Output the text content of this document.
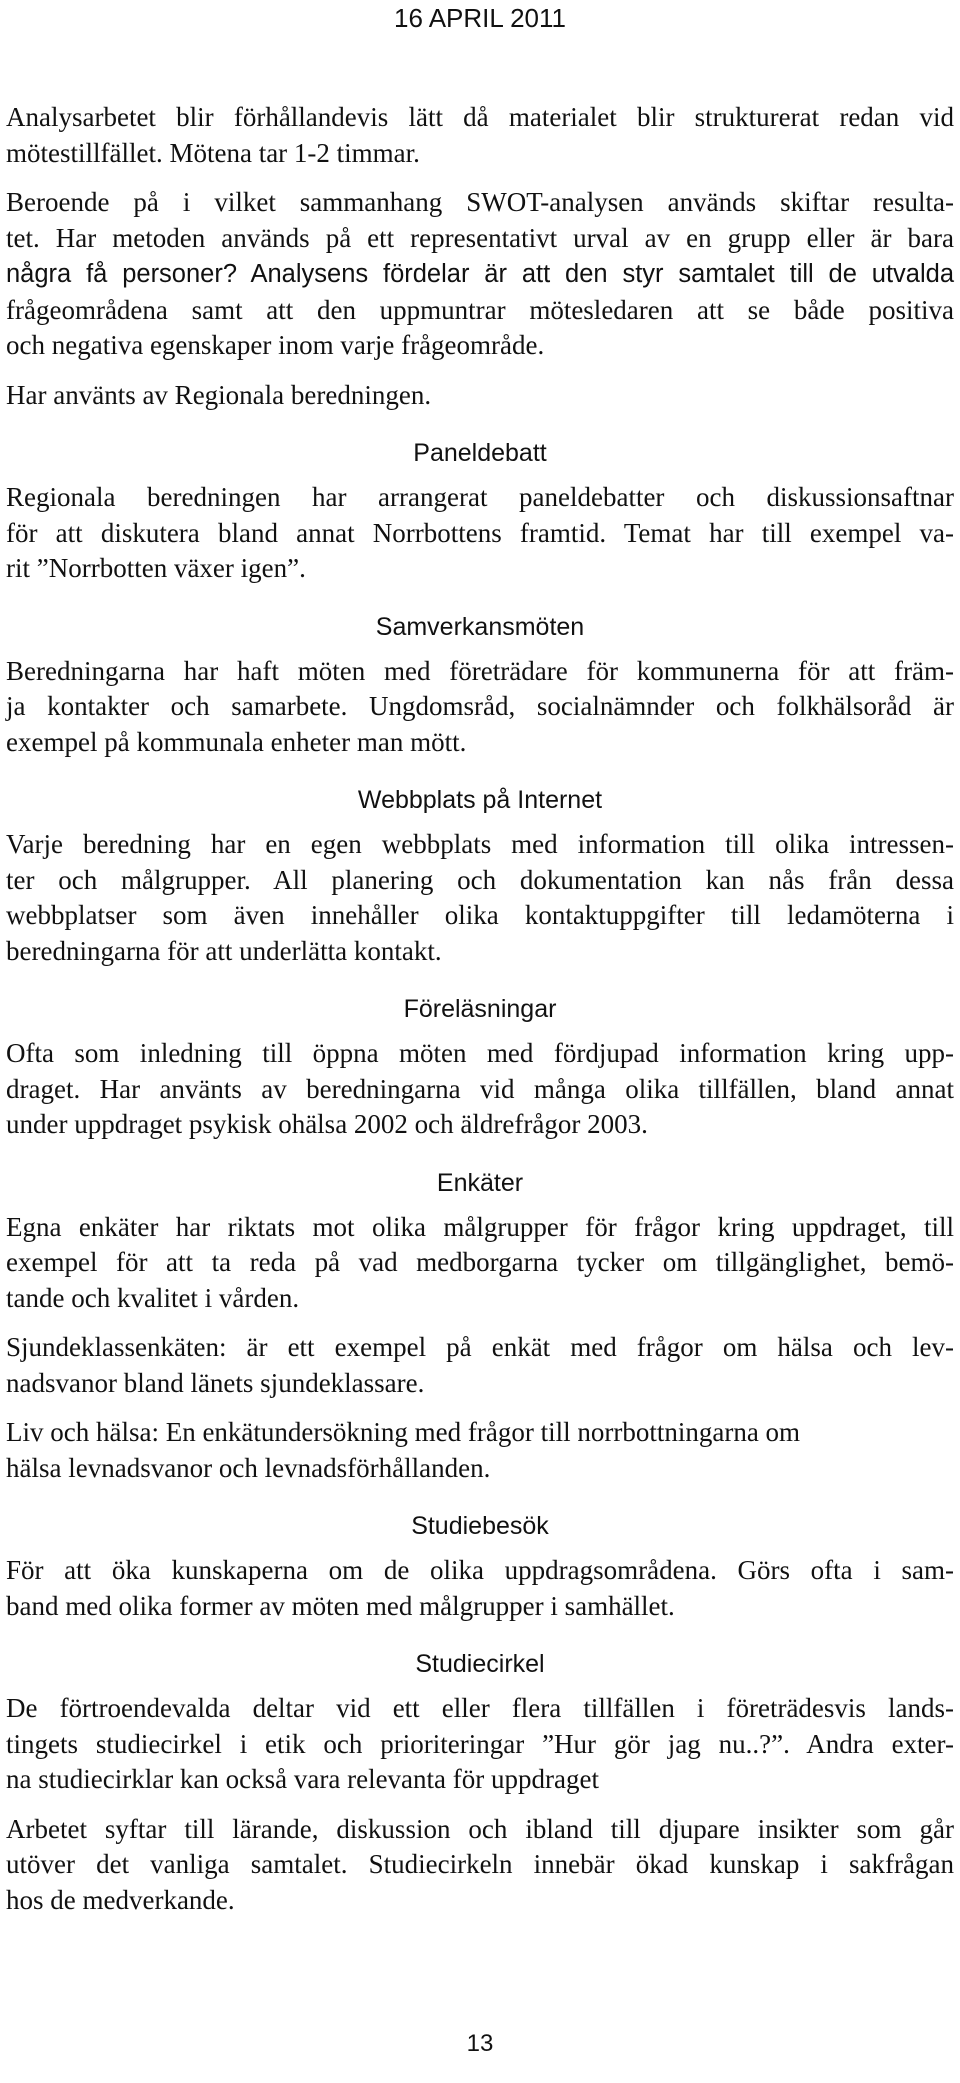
16 APRIL 2011

Analysarbetet blir förhållandevis lätt då materialet blir strukturerat redan vid
mötestillfället. Mötena tar 1-2 timmar.

Beroende på i vilket sammanhang SWOT-analysen används skiftar resulta-
tet. Har metoden används på ett representativt urval av en grupp eller är bara
några få personer? Analysens fördelar är att den styr samtalet till de utvalda
frågeområdena samt att den uppmuntrar mötesledaren att se både positiva
och negativa egenskaper inom varje frågeområde.

Har använts av Regionala beredningen.

Paneldebatt

Regionala beredningen har arrangerat paneldebatter och diskussionsaftnar
för att diskutera bland annat Norrbottens framtid. Temat har till exempel va-
rit ”Norrbotten växer igen”.

Samverkansmöten

Beredningarna har haft möten med företrädare för kommunerna för att främ-
ja kontakter och samarbete. Ungdomsråd, socialnämnder och folkhälsoråd är
exempel på kommunala enheter man mött.

Webbplats på Internet

Varje beredning har en egen webbplats med information till olika intressen-
ter och målgrupper. All planering och dokumentation kan nås från dessa
webbplatser som även innehåller olika kontaktuppgifter till ledamöterna i
beredningarna för att underlätta kontakt.

Föreläsningar

Ofta som inledning till öppna möten med fördjupad information kring upp-
draget. Har använts av beredningarna vid många olika tillfällen, bland annat
under uppdraget psykisk ohälsa 2002 och äldrefrågor 2003.

Enkäter

Egna enkäter har riktats mot olika målgrupper för frågor kring uppdraget, till
exempel för att ta reda på vad medborgarna tycker om tillgänglighet, bemö-
tande och kvalitet i vården.

Sjundeklassenkäten: är ett exempel på enkät med frågor om hälsa och lev-
nadsvanor bland länets sjundeklassare.

Liv och hälsa: En enkätundersökning med frågor till norrbottningarna om
hälsa levnadsvanor och levnadsförhållanden.

Studiebesök

För att öka kunskaperna om de olika uppdragsområdena. Görs ofta i sam-
band med olika former av möten med målgrupper i samhället.

Studiecirkel

De förtroendevalda deltar vid ett eller flera tillfällen i företrädesvis lands-
tingets studiecirkel i etik och prioriteringar ”Hur gör jag nu..?”. Andra exter-
na studiecirklar kan också vara relevanta för uppdraget

Arbetet syftar till lärande, diskussion och ibland till djupare insikter som går
utöver det vanliga samtalet. Studiecirkeln innebär ökad kunskap i sakfrågan
hos de medverkande.

13
